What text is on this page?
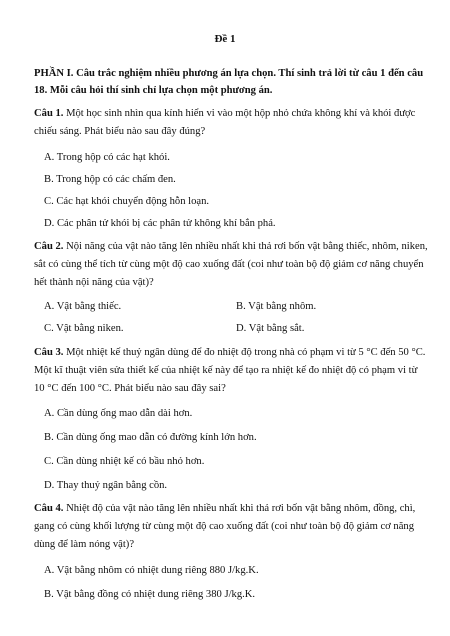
Đề 1
PHẦN I. Câu trắc nghiệm nhiều phương án lựa chọn. Thí sinh trả lời từ câu 1 đến câu
18. Mỗi câu hỏi thí sinh chỉ lựa chọn một phương án.
Câu 1. Một học sinh nhìn qua kính hiển vi vào một hộp nhỏ chứa không khí và khói được
chiếu sáng. Phát biểu nào sau đây đúng?
A. Trong hộp có các hạt khói.
B. Trong hộp có các chấm đen.
C. Các hạt khói chuyển động hỗn loạn.
D. Các phân tử khói bị các phân tử không khí bắn phá.
Câu 2. Nội năng của vật nào tăng lên nhiều nhất khi thả rơi bốn vật bằng thiếc, nhôm, niken,
sắt có cùng thể tích từ cùng một độ cao xuống đất (coi như toàn bộ độ giảm cơ năng chuyển
hết thành nội năng của vật)?
A. Vật bằng thiếc.	B. Vật bằng nhôm.
C. Vật bằng niken.	D. Vật bằng sắt.
Câu 3. Một nhiệt kế thuỷ ngân dùng để đo nhiệt độ trong nhà có phạm vi từ 5 °C đến 50 °C.
Một kĩ thuật viên sửa thiết kế của nhiệt kế này để tạo ra nhiệt kế đo nhiệt độ có phạm vi từ
10 °C đến 100 °C. Phát biểu nào sau đây sai?
A. Cần dùng ống mao dẫn dài hơn.
B. Cần dùng ống mao dẫn có đường kính lớn hơn.
C. Cần dùng nhiệt kế có bầu nhỏ hơn.
D. Thay thuỷ ngân bằng cồn.
Câu 4. Nhiệt độ của vật nào tăng lên nhiều nhất khi thả rơi bốn vật bằng nhôm, đồng, chì,
gang có cùng khối lượng từ cùng một độ cao xuống đất (coi như toàn bộ độ giảm cơ năng
dùng để làm nóng vật)?
A. Vật bằng nhôm có nhiệt dung riêng 880 J/kg.K.
B. Vật bằng đồng có nhiệt dung riêng 380 J/kg.K.
